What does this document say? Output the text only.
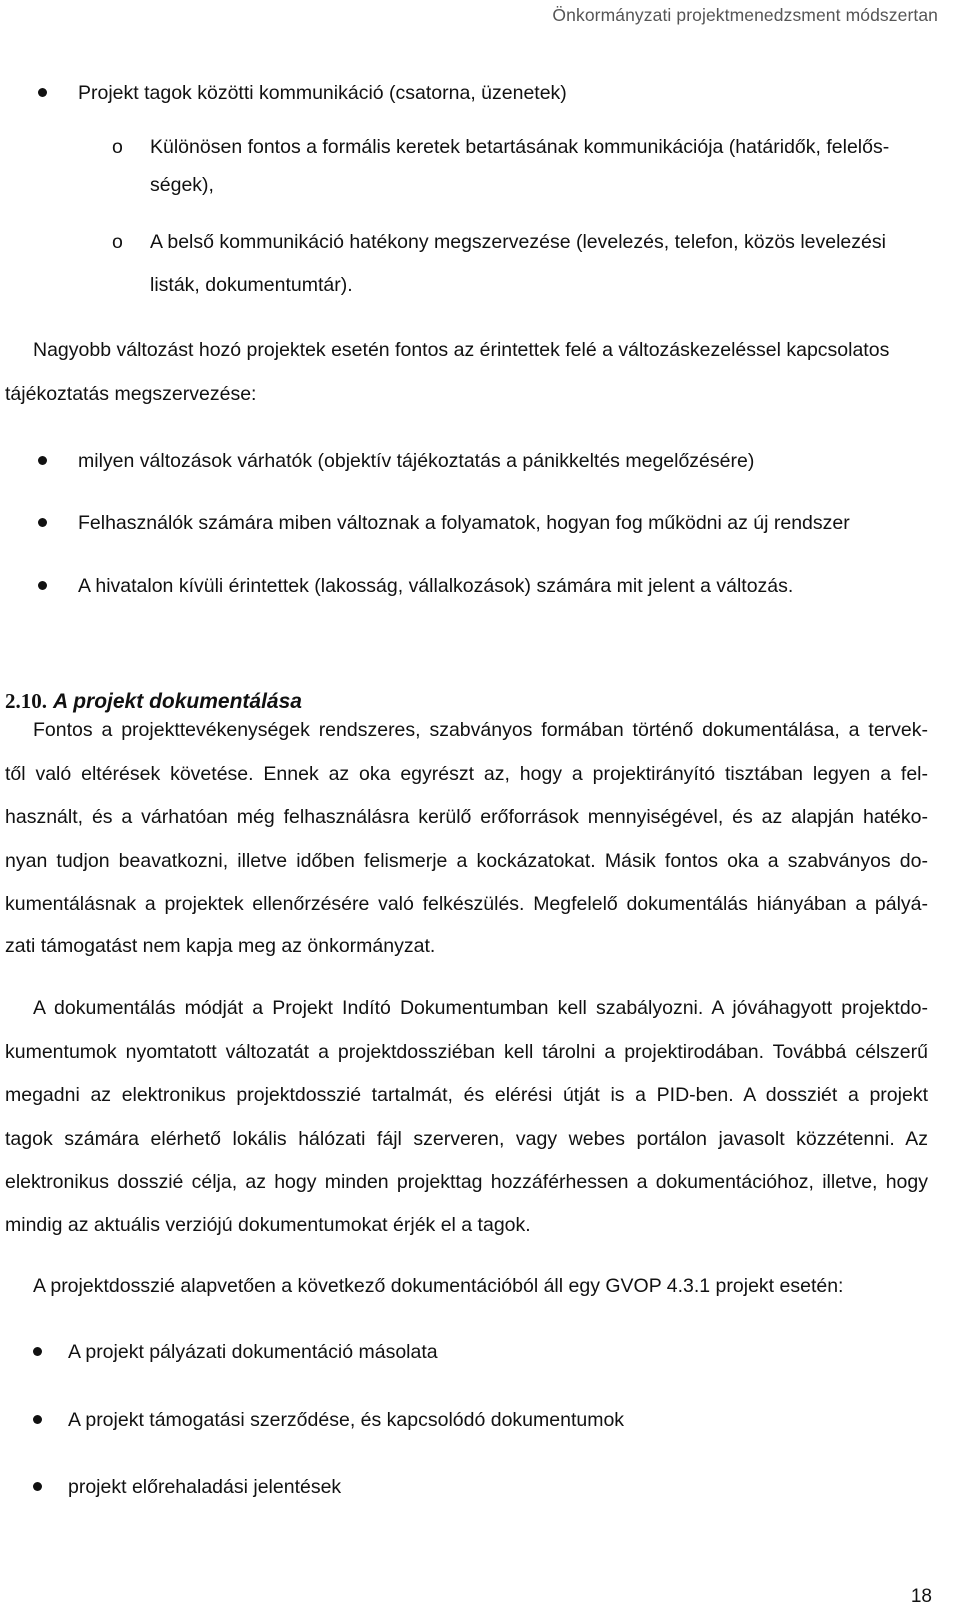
Önkormányzati projektmenedzsment módszertan
Projekt tagok közötti kommunikáció (csatorna, üzenetek)
o Különösen fontos a formális keretek betartásának kommunikációja (határidők, felelős-
ségek),
o A belső kommunikáció hatékony megszervezése (levelezés, telefon, közös levelezési
listák, dokumentumtár).
Nagyobb változást hozó projektek esetén fontos az érintettek felé a változáskezeléssel kapcsolatos
tájékoztatás megszervezése:
milyen változások várhatók (objektív tájékoztatás a pánikkeltés megelőzésére)
Felhasználók számára miben változnak a folyamatok, hogyan fog működni az új rendszer
A hivatalon kívüli érintettek (lakosság, vállalkozások) számára mit jelent a változás.
2.10. A projekt dokumentálása
Fontos a projekttevékenységek rendszeres, szabványos formában történő dokumentálása, a tervek-
től való eltérések követése. Ennek az oka egyrészt az, hogy a projektirányító tisztában legyen a fel-
használt, és a várhatóan még felhasználásra kerülő erőforrások mennyiségével, és az alapján hatéko-
nyan tudjon beavatkozni, illetve időben felismerje a kockázatokat. Másik fontos oka a szabványos do-
kumentálásnak a projektek ellenőrzésére való felkészülés. Megfelelő dokumentálás hiányában a pályá-
zati támogatást nem kapja meg az önkormányzat.
A dokumentálás módját a Projekt Indító Dokumentumban kell szabályozni. A jóváhagyott projektdo-
kumentumok nyomtatott változatát a projektdossziéban kell tárolni a projektirodában. Továbbá célszerű
megadni az elektronikus projektdosszié tartalmát, és elérési útját is a PID-ben. A dossziét a projekt
tagok számára elérhető lokális hálózati fájl szerveren, vagy webes portálon javasolt közzétenni. Az
elektronikus dosszié célja, az hogy minden projekttag hozzáférhessen a dokumentációhoz, illetve, hogy
mindig az aktuális verziójú dokumentumokat érjék el a tagok.
A projektdosszié alapvetően a következő dokumentációból áll egy GVOP 4.3.1 projekt esetén:
A projekt pályázati dokumentáció másolata
A projekt támogatási szerződése, és kapcsolódó dokumentumok
projekt előrehaladási jelentések
18
